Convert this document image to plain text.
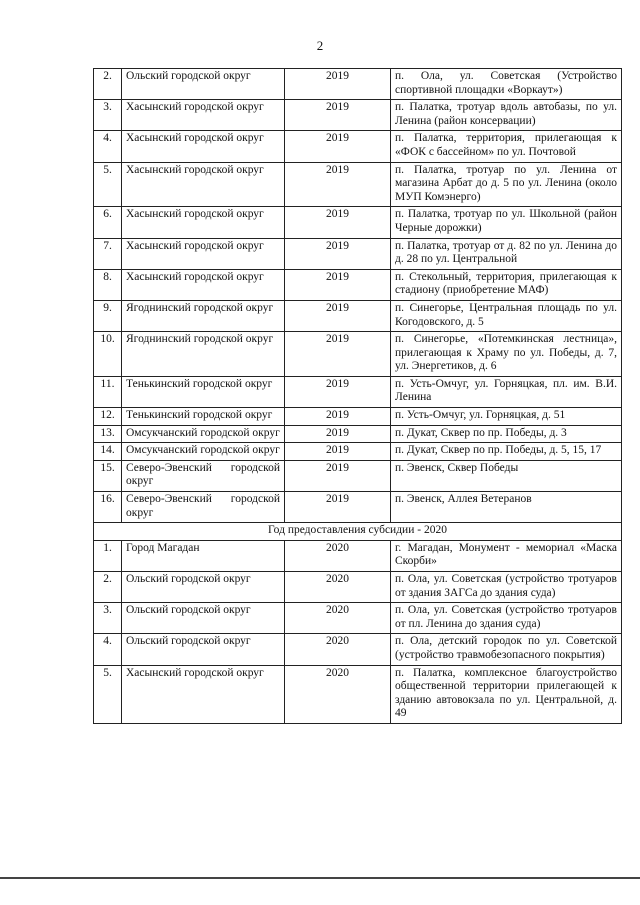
2
2.	Ольский городской округ	2019	п. Ола, ул. Советская (Устройство спортивной площадки «Воркаут»)
3.	Хасынский городской округ	2019	п. Палатка, тротуар вдоль автобазы, по ул. Ленина (район консервации)
4.	Хасынский городской округ	2019	п. Палатка, территория, прилегающая к «ФОК с бассейном» по ул. Почтовой
5.	Хасынский городской округ	2019	п. Палатка, тротуар по ул. Ленина от магазина Арбат до д. 5 по ул. Ленина (около МУП Комэнерго)
6.	Хасынский городской округ	2019	п. Палатка, тротуар по ул. Школьной (район Черные дорожки)
7.	Хасынский городской округ	2019	п. Палатка, тротуар от д. 82 по ул. Ленина до д. 28 по ул. Центральной
8.	Хасынский городской округ	2019	п. Стекольный, территория, прилегающая к стадиону (приобретение МАФ)
9.	Ягоднинский городской округ	2019	п. Синегорье, Центральная площадь по ул. Когодовского, д. 5
10.	Ягоднинский городской округ	2019	п. Синегорье, «Потемкинская лестница», прилегающая к Храму по ул. Победы, д. 7, ул. Энергетиков, д. 6
11.	Тенькинский городской округ	2019	п. Усть-Омчуг, ул. Горняцкая, пл. им. В.И. Ленина
12.	Тенькинский городской округ	2019	п. Усть-Омчуг, ул. Горняцкая, д. 51
13.	Омсукчанский городской округ	2019	п. Дукат, Сквер по пр. Победы, д. 3
14.	Омсукчанский городской округ	2019	п. Дукат, Сквер по пр. Победы, д. 5, 15, 17
15.	Северо-Эвенский городской округ	2019	п. Эвенск, Сквер Победы
16.	Северо-Эвенский городской округ	2019	п. Эвенск, Аллея Ветеранов
Год предоставления субсидии - 2020			
1.	Город Магадан	2020	г. Магадан, Монумент - мемориал «Маска Скорби»
2.	Ольский городской округ	2020	п. Ола, ул. Советская (устройство тротуаров от здания ЗАГСа до здания суда)
3.	Ольский городской округ	2020	п. Ола, ул. Советская (устройство тротуаров от пл. Ленина до здания суда)
4.	Ольский городской округ	2020	п. Ола, детский городок по ул. Советской (устройство травмобезопасного покрытия)
5.	Хасынский городской округ	2020	п. Палатка, комплексное благоустройство общественной территории прилегающей к зданию автовокзала по ул. Центральной, д. 49
